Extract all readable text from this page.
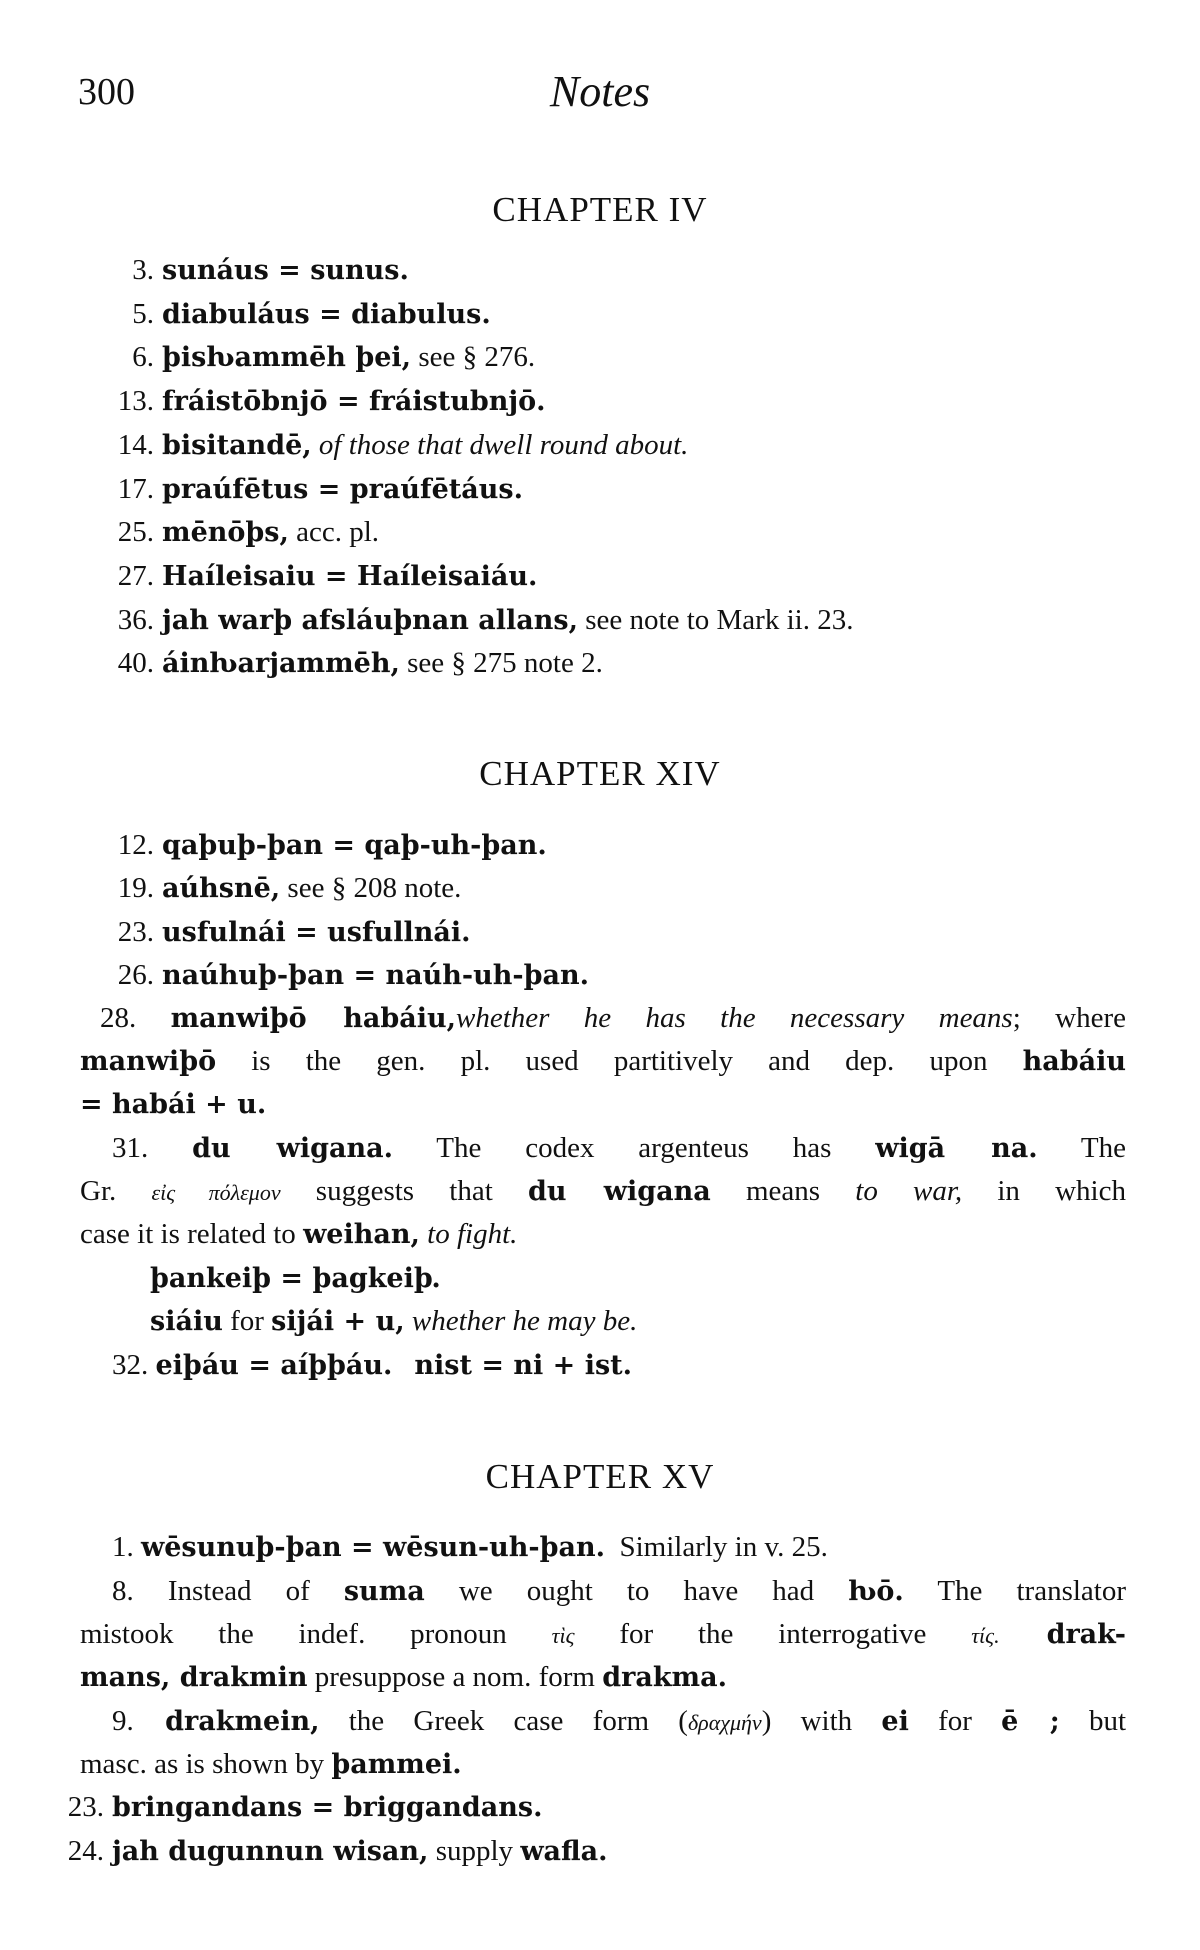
300	Notes
CHAPTER IV
3. sunáus = sunus.
5. diabuláus = diabulus.
6. þisƕammēh þei, see § 276.
13. fráistōbnjō = fráistubnjō.
14. bisitandē, of those that dwell round about.
17. praúfētus = praúfētáus.
25. mēnōþs, acc. pl.
27. Haíleisaiu = Haíleisaiáu.
36. jah warþ afsláuþnan allans, see note to Mark ii. 23.
40. áinƕarjammēh, see § 275 note 2.
CHAPTER XIV
12. qaþuþ-þan = qaþ-uh-þan.
19. aúhsnē, see § 208 note.
23. usfulnái = usfullnái.
26. naúhuþ-þan = naúh-uh-þan.
28. manwiþō habáiu,whether he has the necessary means; where
manwiþō is the gen. pl. used partitively and dep. upon habáiu
= habái + u.
31. du wigana. The codex argenteus has wigā na. The
Gr. εἰς πόλεμον suggests that du wigana means to war, in which
case it is related to weihan, to fight.
þankeiþ = þagkeiþ.
siáiu for sijái + u, whether he may be.
32. eiþáu = aíþþáu. nist = ni + ist.
CHAPTER XV
1. wēsunuþ-þan = wēsun-uh-þan.  Similarly in v. 25.
8. Instead of suma we ought to have had ƕō. The translator
mistook the indef. pronoun τὶς for the interrogative τίς. drak-
mans, drakmin presuppose a nom. form drakma.
9. drakmein, the Greek case form (δραχμήν) with ei for ē ; but
masc. as is shown by þammei.
23. bringandans = briggandans.
24. jah dugunnun wisan, supply wafla.
